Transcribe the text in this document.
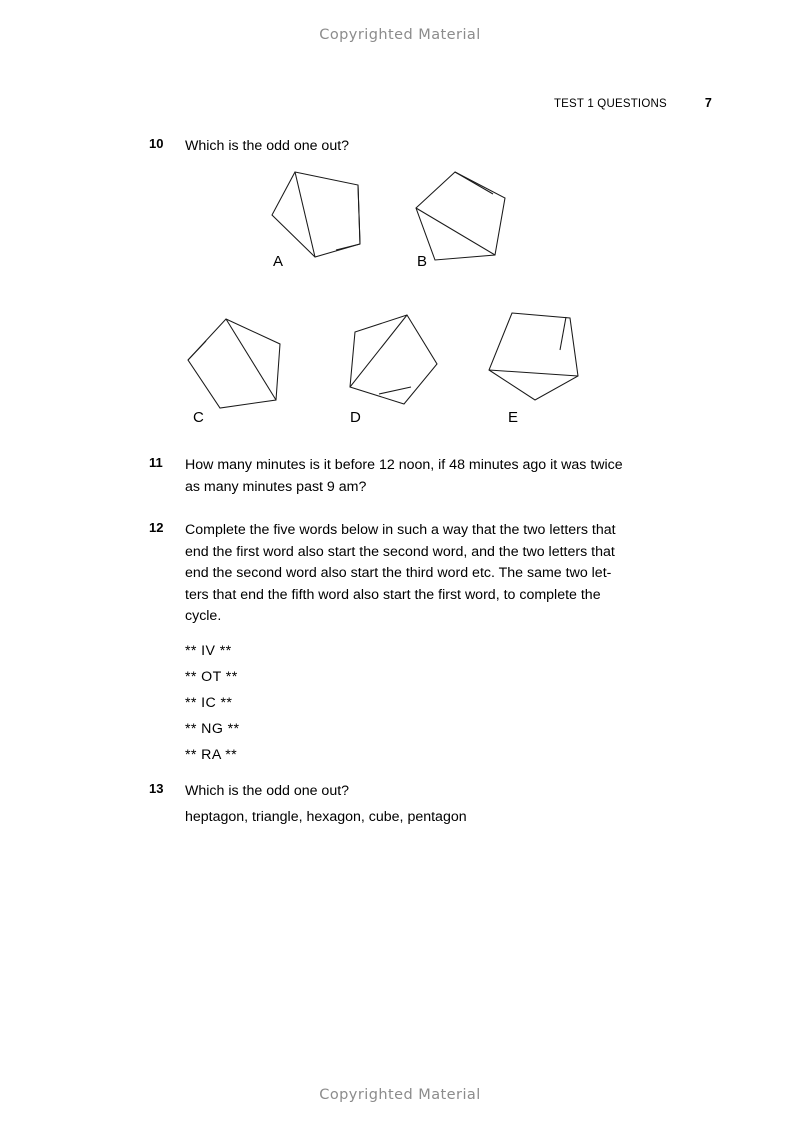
Copyrighted Material
TEST 1 QUESTIONS	7
10	Which is the odd one out?
A	B
C	D	E
11	How many minutes is it before 12 noon, if 48 minutes ago it was twice
as many minutes past 9 am?
12	Complete the five words below in such a way that the two letters that
end the first word also start the second word, and the two letters that
end the second word also start the third word etc. The same two let-
ters that end the fifth word also start the first word, to complete the
cycle.
** IV **
** OT **
** IC **
** NG **
** RA **
13	Which is the odd one out?
heptagon, triangle, hexagon, cube, pentagon
Copyrighted Material
